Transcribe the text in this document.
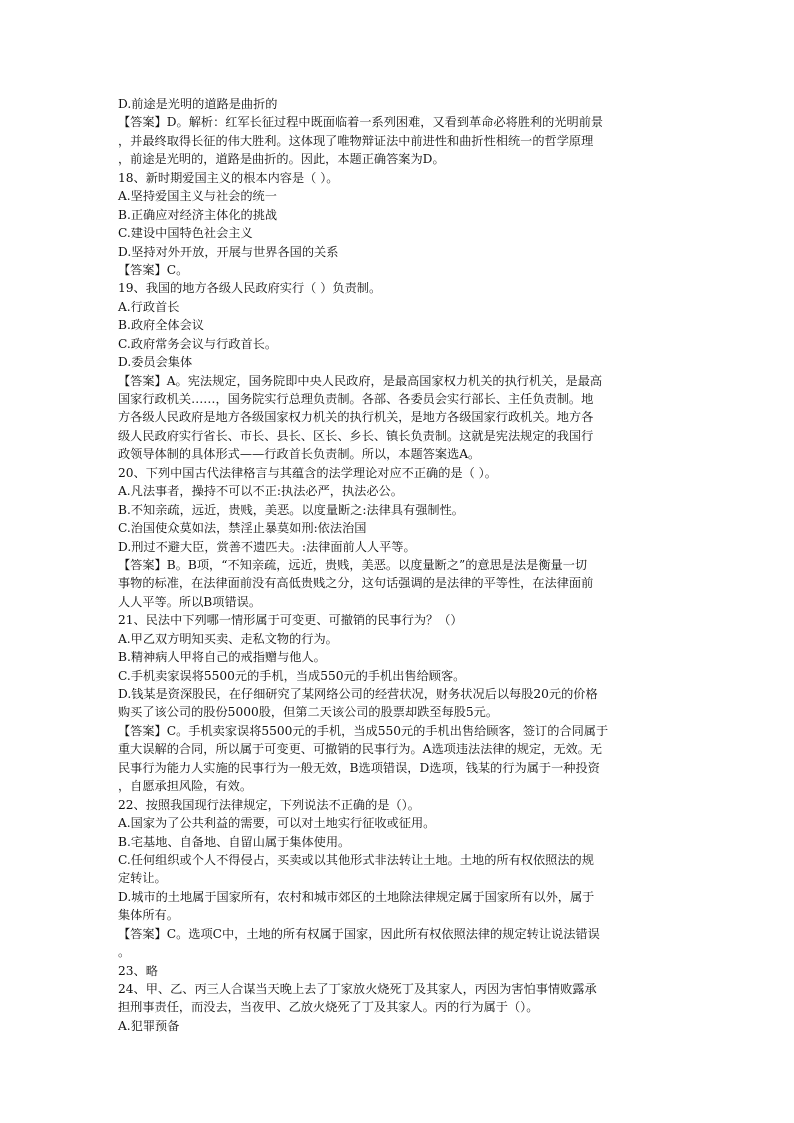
D.前途是光明的道路是曲折的
【答案】D。解析：红军长征过程中既面临着一系列困难，又看到革命必将胜利的光明前景
，并最终取得长征的伟大胜利。这体现了唯物辩证法中前进性和曲折性相统一的哲学原理
，前途是光明的，道路是曲折的。因此，本题正确答案为D。
18、新时期爱国主义的根本内容是（ ）。
A.坚持爱国主义与社会的统一
B.正确应对经济主体化的挑战
C.建设中国特色社会主义
D.坚持对外开放，开展与世界各国的关系
【答案】C。
19、我国的地方各级人民政府实行（ ）负责制。
A.行政首长
B.政府全体会议
C.政府常务会议与行政首长。
D.委员会集体
【答案】A。宪法规定，国务院即中央人民政府，是最高国家权力机关的执行机关，是最高
国家行政机关……，国务院实行总理负责制。各部、各委员会实行部长、主任负责制。地
方各级人民政府是地方各级国家权力机关的执行机关，是地方各级国家行政机关。地方各
级人民政府实行省长、市长、县长、区长、乡长、镇长负责制。这就是宪法规定的我国行
政领导体制的具体形式——行政首长负责制。所以，本题答案选A。
20、下列中国古代法律格言与其蕴含的法学理论对应不正确的是（ ）。
A.凡法事者，操持不可以不正:执法必严，执法必公。
B.不知亲疏，远近，贵贱，美恶。以度量断之:法律具有强制性。
C.治国使众莫如法，禁淫止暴莫如刑:依法治国
D.刑过不避大臣，赏善不遗匹夫。:法律面前人人平等。
【答案】B。B项，“不知亲疏，远近，贵贱，美恶。以度量断之”的意思是法是衡量一切
事物的标准，在法律面前没有高低贵贱之分，这句话强调的是法律的平等性，在法律面前
人人平等。所以B项错误。
21、民法中下列哪一情形属于可变更、可撤销的民事行为？（）
A.甲乙双方明知买卖、走私文物的行为。
B.精神病人甲将自己的戒指赠与他人。
C.手机卖家误将5500元的手机，当成550元的手机出售给顾客。
D.钱某是资深股民，在仔细研究了某网络公司的经营状况，财务状况后以每股20元的价格
购买了该公司的股份5000股，但第二天该公司的股票却跌至每股5元。
【答案】C。手机卖家误将5500元的手机，当成550元的手机出售给顾客，签订的合同属于
重大误解的合同，所以属于可变更、可撤销的民事行为。A选项违法法律的规定，无效。无
民事行为能力人实施的民事行为一般无效，B选项错误，D选项，钱某的行为属于一种投资
，自愿承担风险，有效。
22、按照我国现行法律规定，下列说法不正确的是（）。
A.国家为了公共利益的需要，可以对土地实行征收或征用。
B.宅基地、自备地、自留山属于集体使用。
C.任何组织或个人不得侵占，买卖或以其他形式非法转让土地。土地的所有权依照法的规
定转让。
D.城市的土地属于国家所有，农村和城市郊区的土地除法律规定属于国家所有以外，属于
集体所有。
【答案】C。选项C中，土地的所有权属于国家，因此所有权依照法律的规定转让说法错误
。
23、略
24、甲、乙、丙三人合谋当天晚上去了丁家放火烧死丁及其家人，丙因为害怕事情败露承
担刑事责任，而没去，当夜甲、乙放火烧死了丁及其家人。丙的行为属于（）。
A.犯罪预备
